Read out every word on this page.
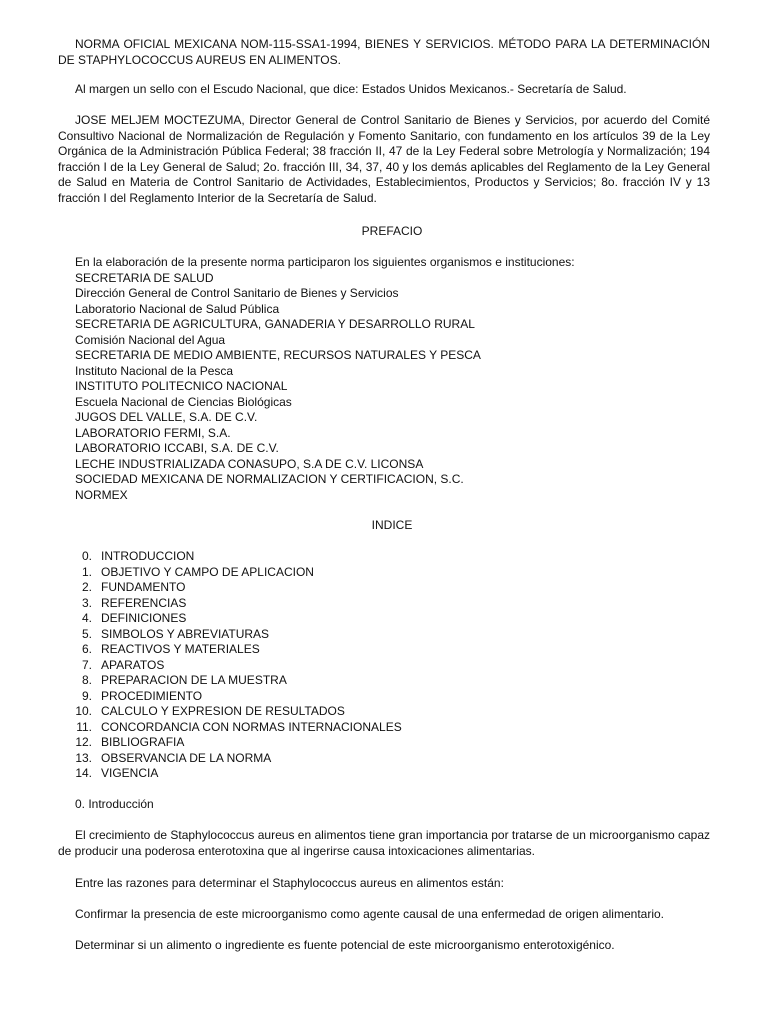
NORMA OFICIAL MEXICANA NOM-115-SSA1-1994, BIENES Y SERVICIOS. MÉTODO PARA LA DETERMINACIÓN DE STAPHYLOCOCCUS AUREUS EN ALIMENTOS.

Al margen un sello con el Escudo Nacional, que dice: Estados Unidos Mexicanos.- Secretaría de Salud.

JOSE MELJEM MOCTEZUMA, Director General de Control Sanitario de Bienes y Servicios, por acuerdo del Comité Consultivo Nacional de Normalización de Regulación y Fomento Sanitario, con fundamento en los artículos 39 de la Ley Orgánica de la Administración Pública Federal; 38 fracción II, 47 de la Ley Federal sobre Metrología y Normalización; 194 fracción I de la Ley General de Salud; 2o. fracción III, 34, 37, 40 y los demás aplicables del Reglamento de la Ley General de Salud en Materia de Control Sanitario de Actividades, Establecimientos, Productos y Servicios; 8o. fracción IV y 13 fracción I del Reglamento Interior de la Secretaría de Salud.

PREFACIO

En la elaboración de la presente norma participaron los siguientes organismos e instituciones:
SECRETARIA DE SALUD
Dirección General de Control Sanitario de Bienes y Servicios
Laboratorio Nacional de Salud Pública
SECRETARIA DE AGRICULTURA, GANADERIA Y DESARROLLO RURAL
Comisión Nacional del Agua
SECRETARIA DE MEDIO AMBIENTE, RECURSOS NATURALES Y PESCA
Instituto Nacional de la Pesca
INSTITUTO POLITECNICO NACIONAL
Escuela Nacional de Ciencias Biológicas
JUGOS DEL VALLE, S.A. DE C.V.
LABORATORIO FERMI, S.A.
LABORATORIO ICCABI, S.A. DE C.V.
LECHE INDUSTRIALIZADA CONASUPO, S.A DE C.V. LICONSA
SOCIEDAD MEXICANA DE NORMALIZACION Y CERTIFICACION, S.C.
NORMEX

INDICE

0. INTRODUCCION
1. OBJETIVO Y CAMPO DE APLICACION
2. FUNDAMENTO
3. REFERENCIAS
4. DEFINICIONES
5. SIMBOLOS Y ABREVIATURAS
6. REACTIVOS Y MATERIALES
7. APARATOS
8. PREPARACION DE LA MUESTRA
9. PROCEDIMIENTO
10. CALCULO Y EXPRESION DE RESULTADOS
11. CONCORDANCIA CON NORMAS INTERNACIONALES
12. BIBLIOGRAFIA
13. OBSERVANCIA DE LA NORMA
14. VIGENCIA

0. Introducción

El crecimiento de Staphylococcus aureus en alimentos tiene gran importancia por tratarse de un microorganismo capaz de producir una poderosa enterotoxina que al ingerirse causa intoxicaciones alimentarias.

Entre las razones para determinar el Staphylococcus aureus en alimentos están:

Confirmar la presencia de este microorganismo como agente causal de una enfermedad de origen alimentario.

Determinar si un alimento o ingrediente es fuente potencial de este microorganismo enterotoxigénico.
